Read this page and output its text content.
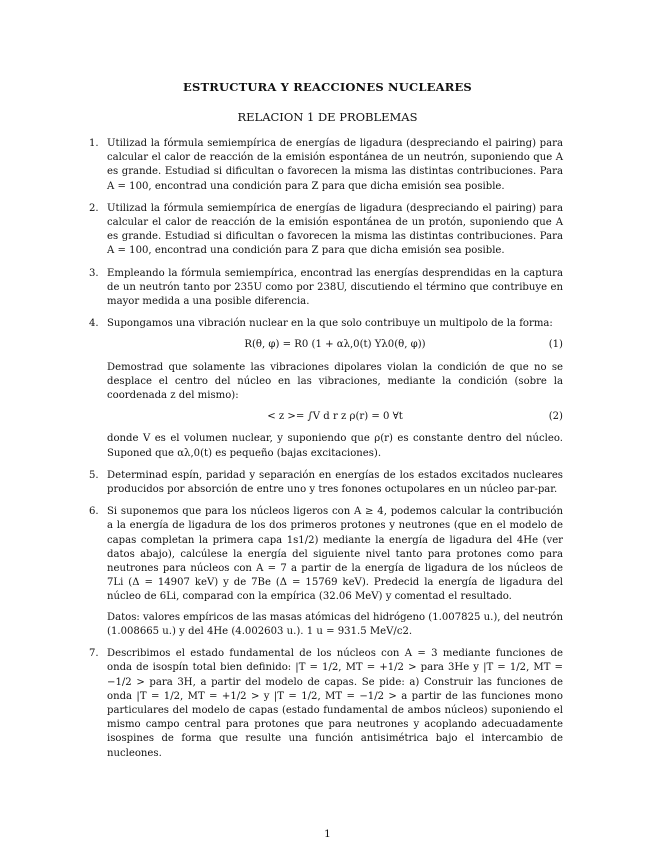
ESTRUCTURA Y REACCIONES NUCLEARES
RELACION 1 DE PROBLEMAS
1. Utilizad la fórmula semiempírica de energías de ligadura (despreciando el pairing) para calcular el calor de reacción de la emisión espontánea de un neutrón, suponiendo que A es grande. Estudiad si dificultan o favorecen la misma las distintas contribuciones. Para A = 100, encontrad una condición para Z para que dicha emisión sea posible.

2. Utilizad la fórmula semiempírica de energías de ligadura (despreciando el pairing) para calcular el calor de reacción de la emisión espontánea de un protón, suponiendo que A es grande. Estudiad si dificultan o favorecen la misma las distintas contribuciones. Para A = 100, encontrad una condición para Z para que dicha emisión sea posible.

3. Empleando la fórmula semiempírica, encontrad las energías desprendidas en la captura de un neutrón tanto por 235U como por 238U, discutiendo el término que contribuye en mayor medida a una posible diferencia.

4. Supongamos una vibración nuclear en la que solo contribuye un multipolo de la forma:

R(θ, φ) = R0 (1 + αλ,0(t) Yλ0(θ, φ))	(1)

Demostrad que solamente las vibraciones dipolares violan la condición de que no se desplace el centro del núcleo en las vibraciones, mediante la condición (sobre la coordenada z del mismo):

< z >= ∫V d r z ρ(r) = 0 ∀t	(2)

donde V es el volumen nuclear, y suponiendo que ρ(r) es constante dentro del núcleo. Suponed que αλ,0(t) es pequeño (bajas excitaciones).

5. Determinad espín, paridad y separación en energías de los estados excitados nucleares producidos por absorción de entre uno y tres fonones octupolares en un núcleo par-par.

6. Si suponemos que para los núcleos ligeros con A ≥ 4, podemos calcular la contribución a la energía de ligadura de los dos primeros protones y neutrones (que en el modelo de capas completan la primera capa 1s1/2) mediante la energía de ligadura del 4He (ver datos abajo), calcúlese la energía del siguiente nivel tanto para protones como para neutrones para núcleos con A = 7 a partir de la energía de ligadura de los núcleos de 7Li (Δ = 14907 keV) y de 7Be (Δ = 15769 keV). Predecid la energía de ligadura del núcleo de 6Li, comparad con la empírica (32.06 MeV) y comentad el resultado.

Datos: valores empíricos de las masas atómicas del hidrógeno (1.007825 u.), del neutrón (1.008665 u.) y del 4He (4.002603 u.). 1 u = 931.5 MeV/c2.

7. Describimos el estado fundamental de los núcleos con A = 3 mediante funciones de onda de isospín total bien definido: |T = 1/2, MT = +1/2 > para 3He y |T = 1/2, MT = −1/2 > para 3H, a partir del modelo de capas. Se pide: a) Construir las funciones de onda |T = 1/2, MT = +1/2 > y |T = 1/2, MT = −1/2 > a partir de las funciones mono particulares del modelo de capas (estado fundamental de ambos núcleos) suponiendo el mismo campo central para protones que para neutrones y acoplando adecuadamente isospines de forma que resulte una función antisimétrica bajo el intercambio de nucleones.

1
